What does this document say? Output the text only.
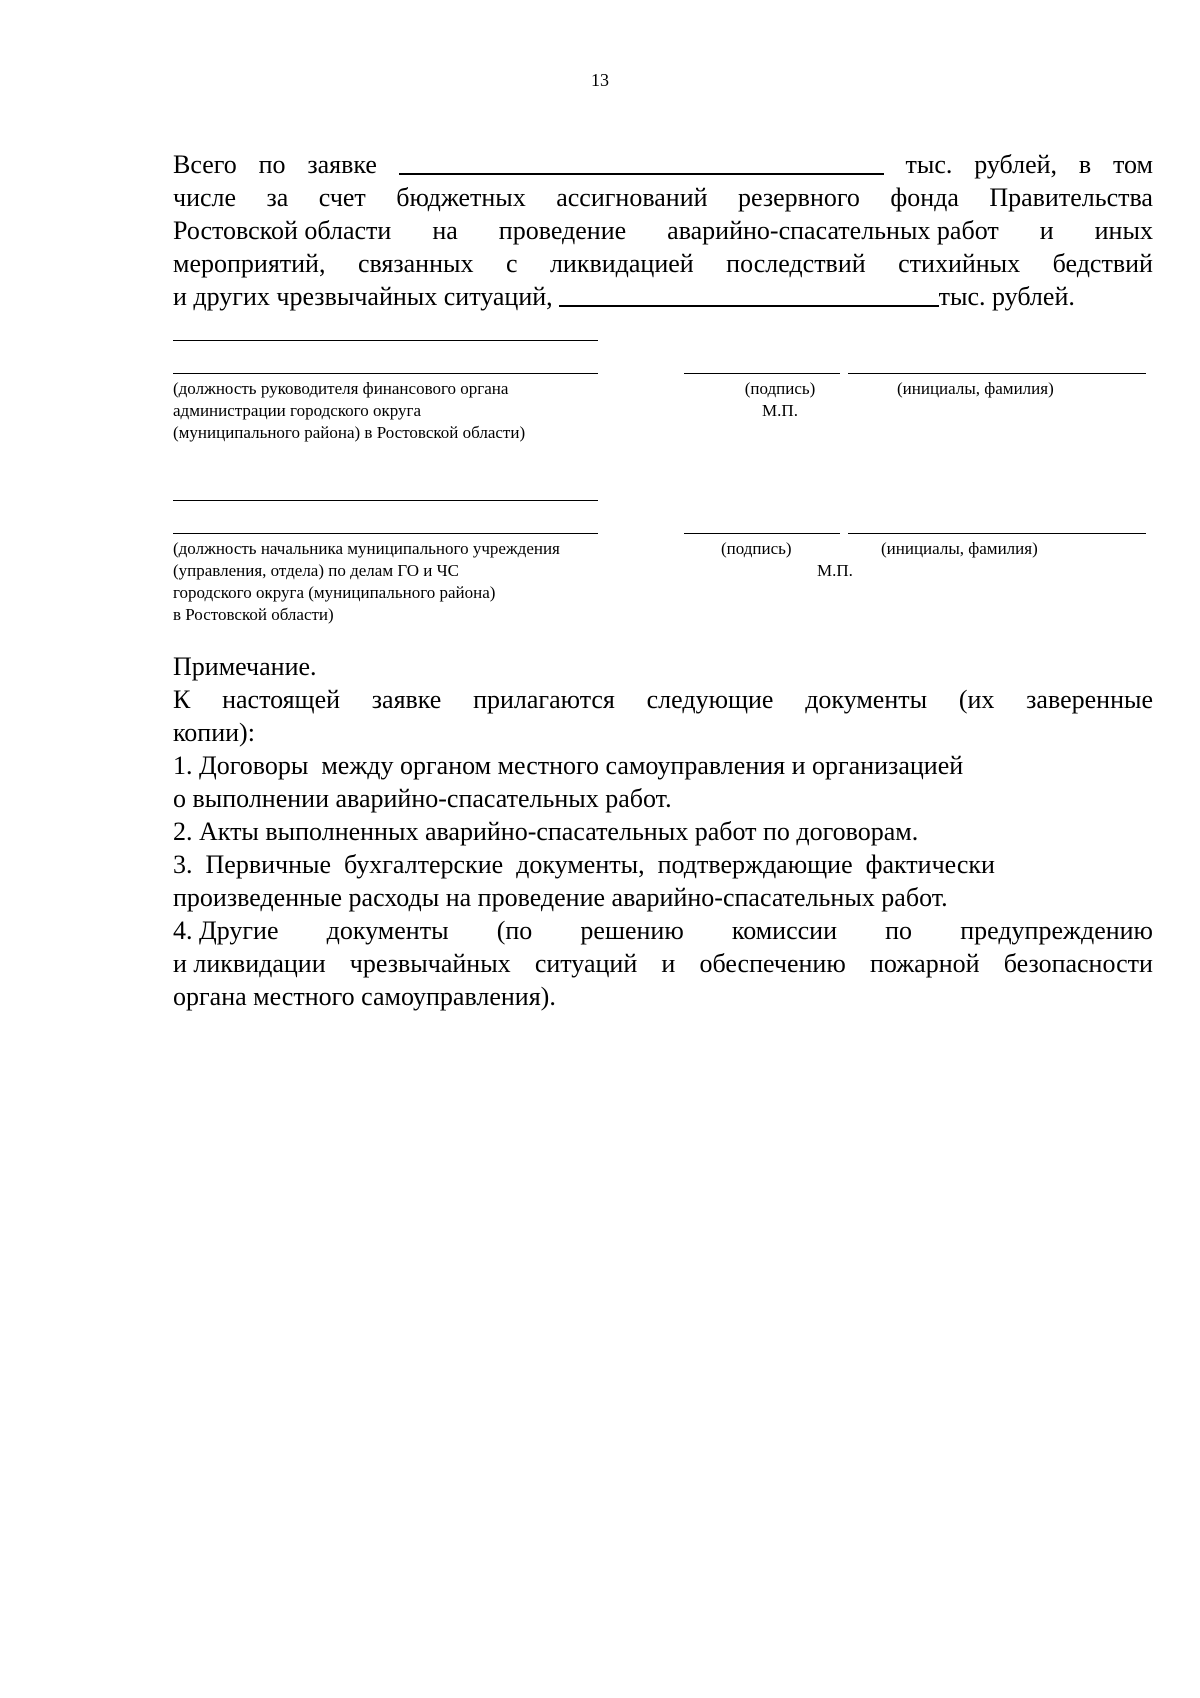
13
Всего по заявке	тыс. рублей, в том
числе за счет бюджетных ассигнований резервного фонда Правительства
Ростовской области на проведение аварийно-спасательных работ и иных
мероприятий, связанных с ликвидацией последствий стихийных бедствий
и других чрезвычайных ситуаций,	тыс. рублей.
(должность руководителя финансового органа
администрации городского округа
(муниципального района) в Ростовской области)
(подпись)
М.П.
(инициалы, фамилия)
(должность начальника муниципального учреждения
(управления, отдела) по делам ГО и ЧС
городского округа (муниципального района)
в Ростовской области)
(подпись)
М.П.
(инициалы, фамилия)
Примечание.
К настоящей заявке прилагаются следующие документы (их заверенные
копии):
1. Договоры  между органом местного самоуправления и организацией
о выполнении аварийно-спасательных работ.
2. Акты выполненных аварийно-спасательных работ по договорам.
3.  Первичные  бухгалтерские  документы,  подтверждающие  фактически
произведенные расходы на проведение аварийно-спасательных работ.
4. Другие документы (по решению комиссии по предупреждению
и ликвидации чрезвычайных ситуаций и обеспечению пожарной безопасности
органа местного самоуправления).
